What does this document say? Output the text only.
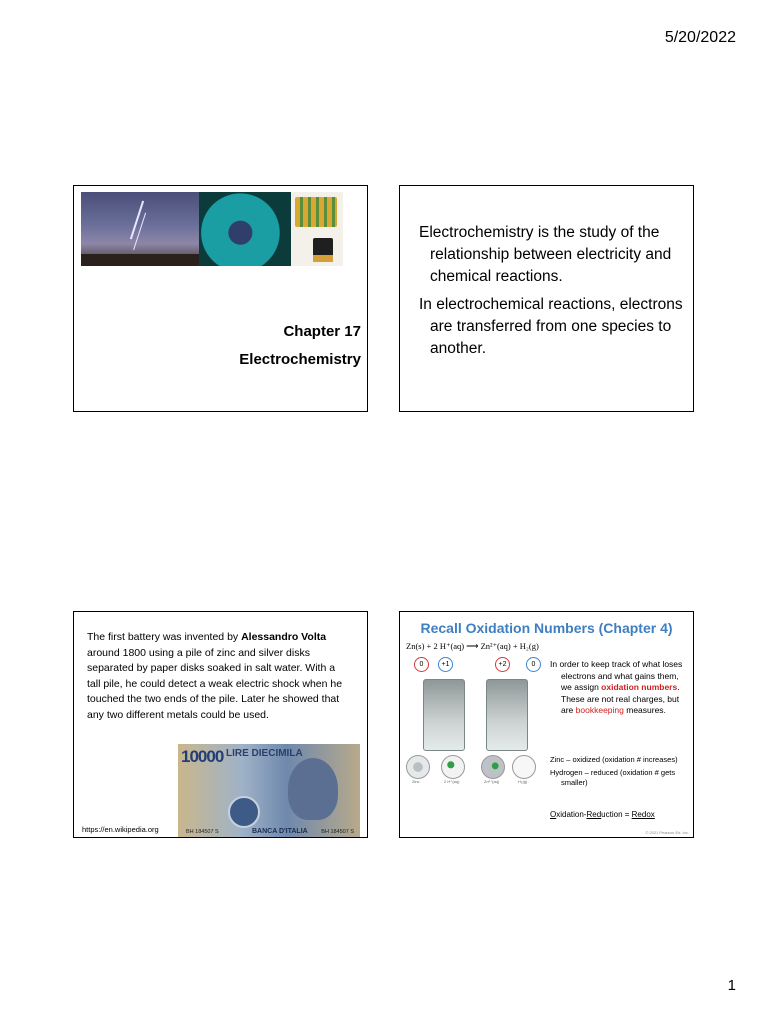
5/20/2022
Chapter 17
Electrochemistry

Electrochemistry is the study of the relationship between electricity and chemical reactions.

In electrochemical reactions, electrons are transferred from one species to another.

The first battery was invented by Alessandro Volta around 1800 using a pile of zinc and silver disks separated by paper disks soaked in salt water. With a tall pile, he could detect a weak electric shock when he touched the two ends of the pile. Later he showed that any two different metals could be used.
10000 LIRE DIECIMILA
BH 184507 S	BANCA D'ITALIA BH 184507 S
https://en.wikipedia.org
Recall Oxidation Numbers (Chapter 4)
Zn(s) + 2 H⁺(aq) ⟶ Zn²⁺(aq) + H₂(g)
0	+1	+2	0
Zinc	2 H⁺(aq)	Zn²⁺(aq)	H₂(g)

In order to keep track of what loses electrons and what gains them, we assign oxidation numbers. These are not real charges, but are bookkeeping measures.

Zinc – oxidized (oxidation # increases)

Hydrogen – reduced (oxidation # gets smaller)

Oxidation-Reduction = Redox
© 2021 Pearson Ed. Inc.
1
